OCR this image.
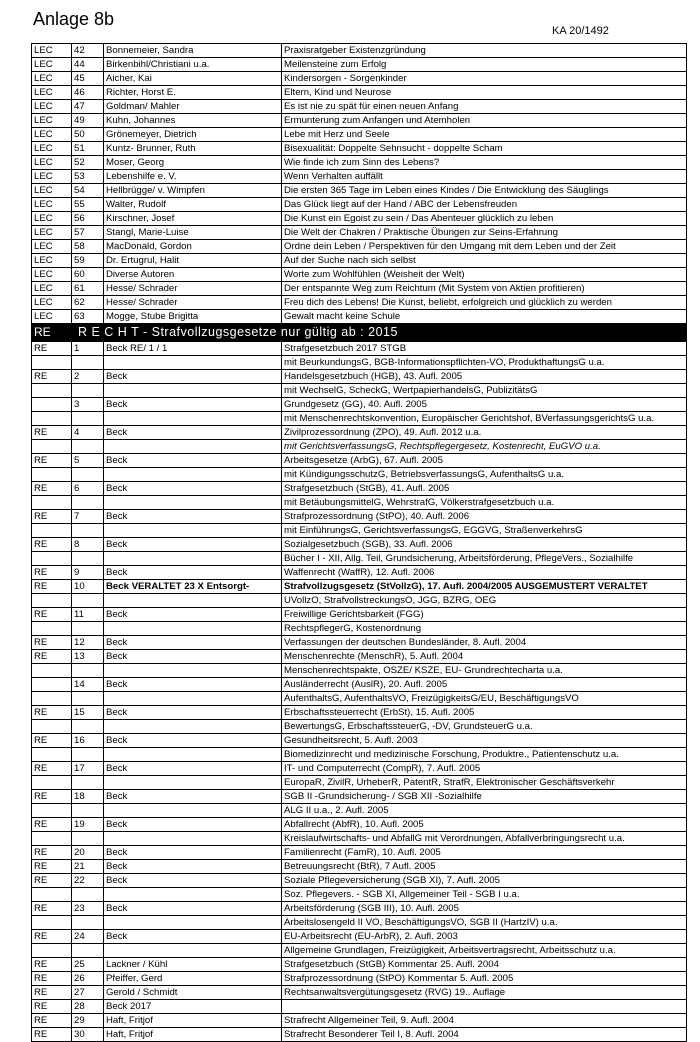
Anlage 8b
KA 20/1492
LEC	42	Bonnemeier, Sandra	Praxisratgeber Existenzgründung
LEC	44	Birkenbihl/Christiani u.a.	Meilensteine zum Erfolg
LEC	45	Aicher, Kai	Kindersorgen - Sorgenkinder
LEC	46	Richter, Horst E.	Eltern, Kind und Neurose
LEC	47	Goldman/ Mahler	Es ist nie zu spät für einen neuen Anfang
LEC	49	Kuhn, Johannes	Ermunterung zum Anfangen und Atemholen
LEC	50	Grönemeyer, Dietrich	Lebe mit Herz und Seele
LEC	51	Kuntz- Brunner, Ruth	Bisexualität: Doppelte Sehnsucht - doppelte Scham
LEC	52	Moser, Georg	Wie finde ich zum Sinn des Lebens?
LEC	53	Lebenshilfe e. V.	Wenn Verhalten auffällt
LEC	54	Hellbrügge/ v. Wimpfen	Die ersten 365 Tage im Leben eines Kindes / Die Entwicklung des Säuglings
LEC	55	Walter, Rudolf	Das Glück liegt auf der Hand / ABC der Lebensfreuden
LEC	56	Kirschner, Josef	Die Kunst ein Egoist zu sein / Das Abenteuer glücklich zu leben
LEC	57	Stangl, Marie-Luise	Die Welt der Chakren / Praktische Übungen zur Seins-Erfahrung
LEC	58	MacDonald, Gordon	Ordne dein Leben / Perspektiven für den Umgang mit dem Leben und der Zeit
LEC	59	Dr. Ertugrul, Halit	Auf der Suche nach sich selbst
LEC	60	Diverse Autoren	Worte zum Wohlfühlen (Weisheit der Welt)
LEC	61	Hesse/ Schrader	Der entspannte Weg zum Reichtum (Mit System von Aktien profitieren)
LEC	62	Hesse/ Schrader	Freu dich des Lebens! Die Kunst, beliebt, erfolgreich und glücklich zu werden
LEC	63	Mogge, Stube Brigitta	Gewalt macht keine Schule
RE	R E C H T - Strafvollzugsgesetze nur gültig ab : 2015		
RE	1	Beck RE/ 1 / 1	Strafgesetzbuch 2017 STGB
			mit BeurkundungsG, BGB-Informationspflichten-VO, ProdukthaftungsG u.a.
RE	2	Beck	Handelsgesetzbuch (HGB), 43. Aufl. 2005
			mit WechselG, ScheckG, WertpapierhandelsG, PublizitätsG
	3	Beck	Grundgesetz (GG), 40. Aufl. 2005
			mit Menschenrechtskonvention, Europäischer Gerichtshof, BVerfassungsgerichtsG u.a.
RE	4	Beck	Zivilprozessordnung (ZPO), 49. Aufl. 2012 u.a.
			mit GerichtsverfassungsG, Rechtspflegergesetz, Kostenrecht, EuGVO u.a.
RE	5	Beck	Arbeitsgesetze (ArbG), 67. Aufl. 2005
			mit KündigungsschutzG, BetriebsverfassungsG, AufenthaltsG u.a.
RE	6	Beck	Strafgesetzbuch (StGB), 41. Aufl. 2005
			mit BetäubungsmittelG, WehrstrafG, Völkerstrafgesetzbuch u.a.
RE	7	Beck	Strafprozessordnung (StPO), 40. Aufl. 2006
			mit EinführungsG, GerichtsverfassungsG, EGGVG, StraßenverkehrsG
RE	8	Beck	Sozialgesetzbuch (SGB), 33. Aufl. 2006
			Bücher I - XII, Allg. Teil, Grundsicherung, Arbeitsförderung, PflegeVers., Sozialhilfe
RE	9	Beck	Waffenrecht (WaffR), 12. Aufl. 2006
RE	10	Beck VERALTET 23 X Entsorgt-	Strafvollzugsgesetz (StVollzG), 17. Aufl. 2004/2005 AUSGEMUSTERT VERALTET
			UVollzO, StrafvollstreckungsO, JGG, BZRG, OEG
RE	11	Beck	Freiwillige Gerichtsbarkeit (FGG)
			RechtspflegerG, Kostenordnung
RE	12	Beck	Verfassungen der deutschen Bundesländer, 8. Aufl. 2004
RE	13	Beck	Menschenrechte (MenschR), 5. Aufl. 2004
			Menschenrechtspakte, OSZE/ KSZE, EU- Grundrechtecharta u.a.
	14	Beck	Ausländerrecht (AuslR), 20. Aufl. 2005
			AufenthaltsG, AufenthaltsVO, FreizügigkeitsG/EU, BeschäftigungsVO
RE	15	Beck	Erbschaftssteuerrecht (ErbSt), 15. Aufl. 2005
			BewertungsG, ErbschaftssteuerG, -DV, GrundsteuerG u.a.
RE	16	Beck	Gesundheitsrecht, 5. Aufl. 2003
			Biomedizinrecht und medizinische Forschung, Produktre., Patientenschutz u.a.
RE	17	Beck	IT- und Computerrecht (CompR), 7. Aufl. 2005
			EuropaR, ZivilR, UrheberR, PatentR, StrafR, Elektronischer Geschäftsverkehr
RE	18	Beck	SGB II -Grundsicherung- / SGB XII -Sozialhilfe
			ALG II u.a., 2. Aufl. 2005
RE	19	Beck	Abfallrecht (AbfR), 10. Aufl. 2005
			Kreislaufwirtschafts- und AbfallG mit Verordnungen, Abfallverbringungsrecht u.a.
RE	20	Beck	Familienrecht (FamR), 10. Aufl. 2005
RE	21	Beck	Betreuungsrecht (BtR), 7 Aufl. 2005
RE	22	Beck	Soziale Pflegeversicherung (SGB XI), 7. Aufl. 2005
			Soz. Pflegevers. - SGB XI, Allgemeiner Teil - SGB I u.a.
RE	23	Beck	Arbeitsförderung (SGB III), 10. Aufl. 2005
			Arbeitslosengeld II VO, BeschäftigungsVO, SGB II (HartzIV) u.a.
RE	24	Beck	EU-Arbeitsrecht (EU-ArbR), 2. Aufl. 2003
			Allgemeine Grundlagen, Freizügigkeit, Arbeitsvertragsrecht, Arbeitsschutz u.a.
RE	25	Lackner / Kühl	Strafgesetzbuch (StGB) Kommentar 25. Aufl. 2004
RE	26	Pfeiffer, Gerd	Strafprozessordnung (StPO) Kommentar 5. Aufl. 2005
RE	27	Gerold / Schmidt	Rechtsanwaltsvergütungsgesetz (RVG) 19.. Auflage
RE	28	Beck 2017	
RE	29	Haft, Fritjof	Strafrecht Allgemeiner Teil, 9. Aufl. 2004
RE	30	Haft, Fritjof	Strafrecht Besonderer Teil I, 8. Aufl. 2004
